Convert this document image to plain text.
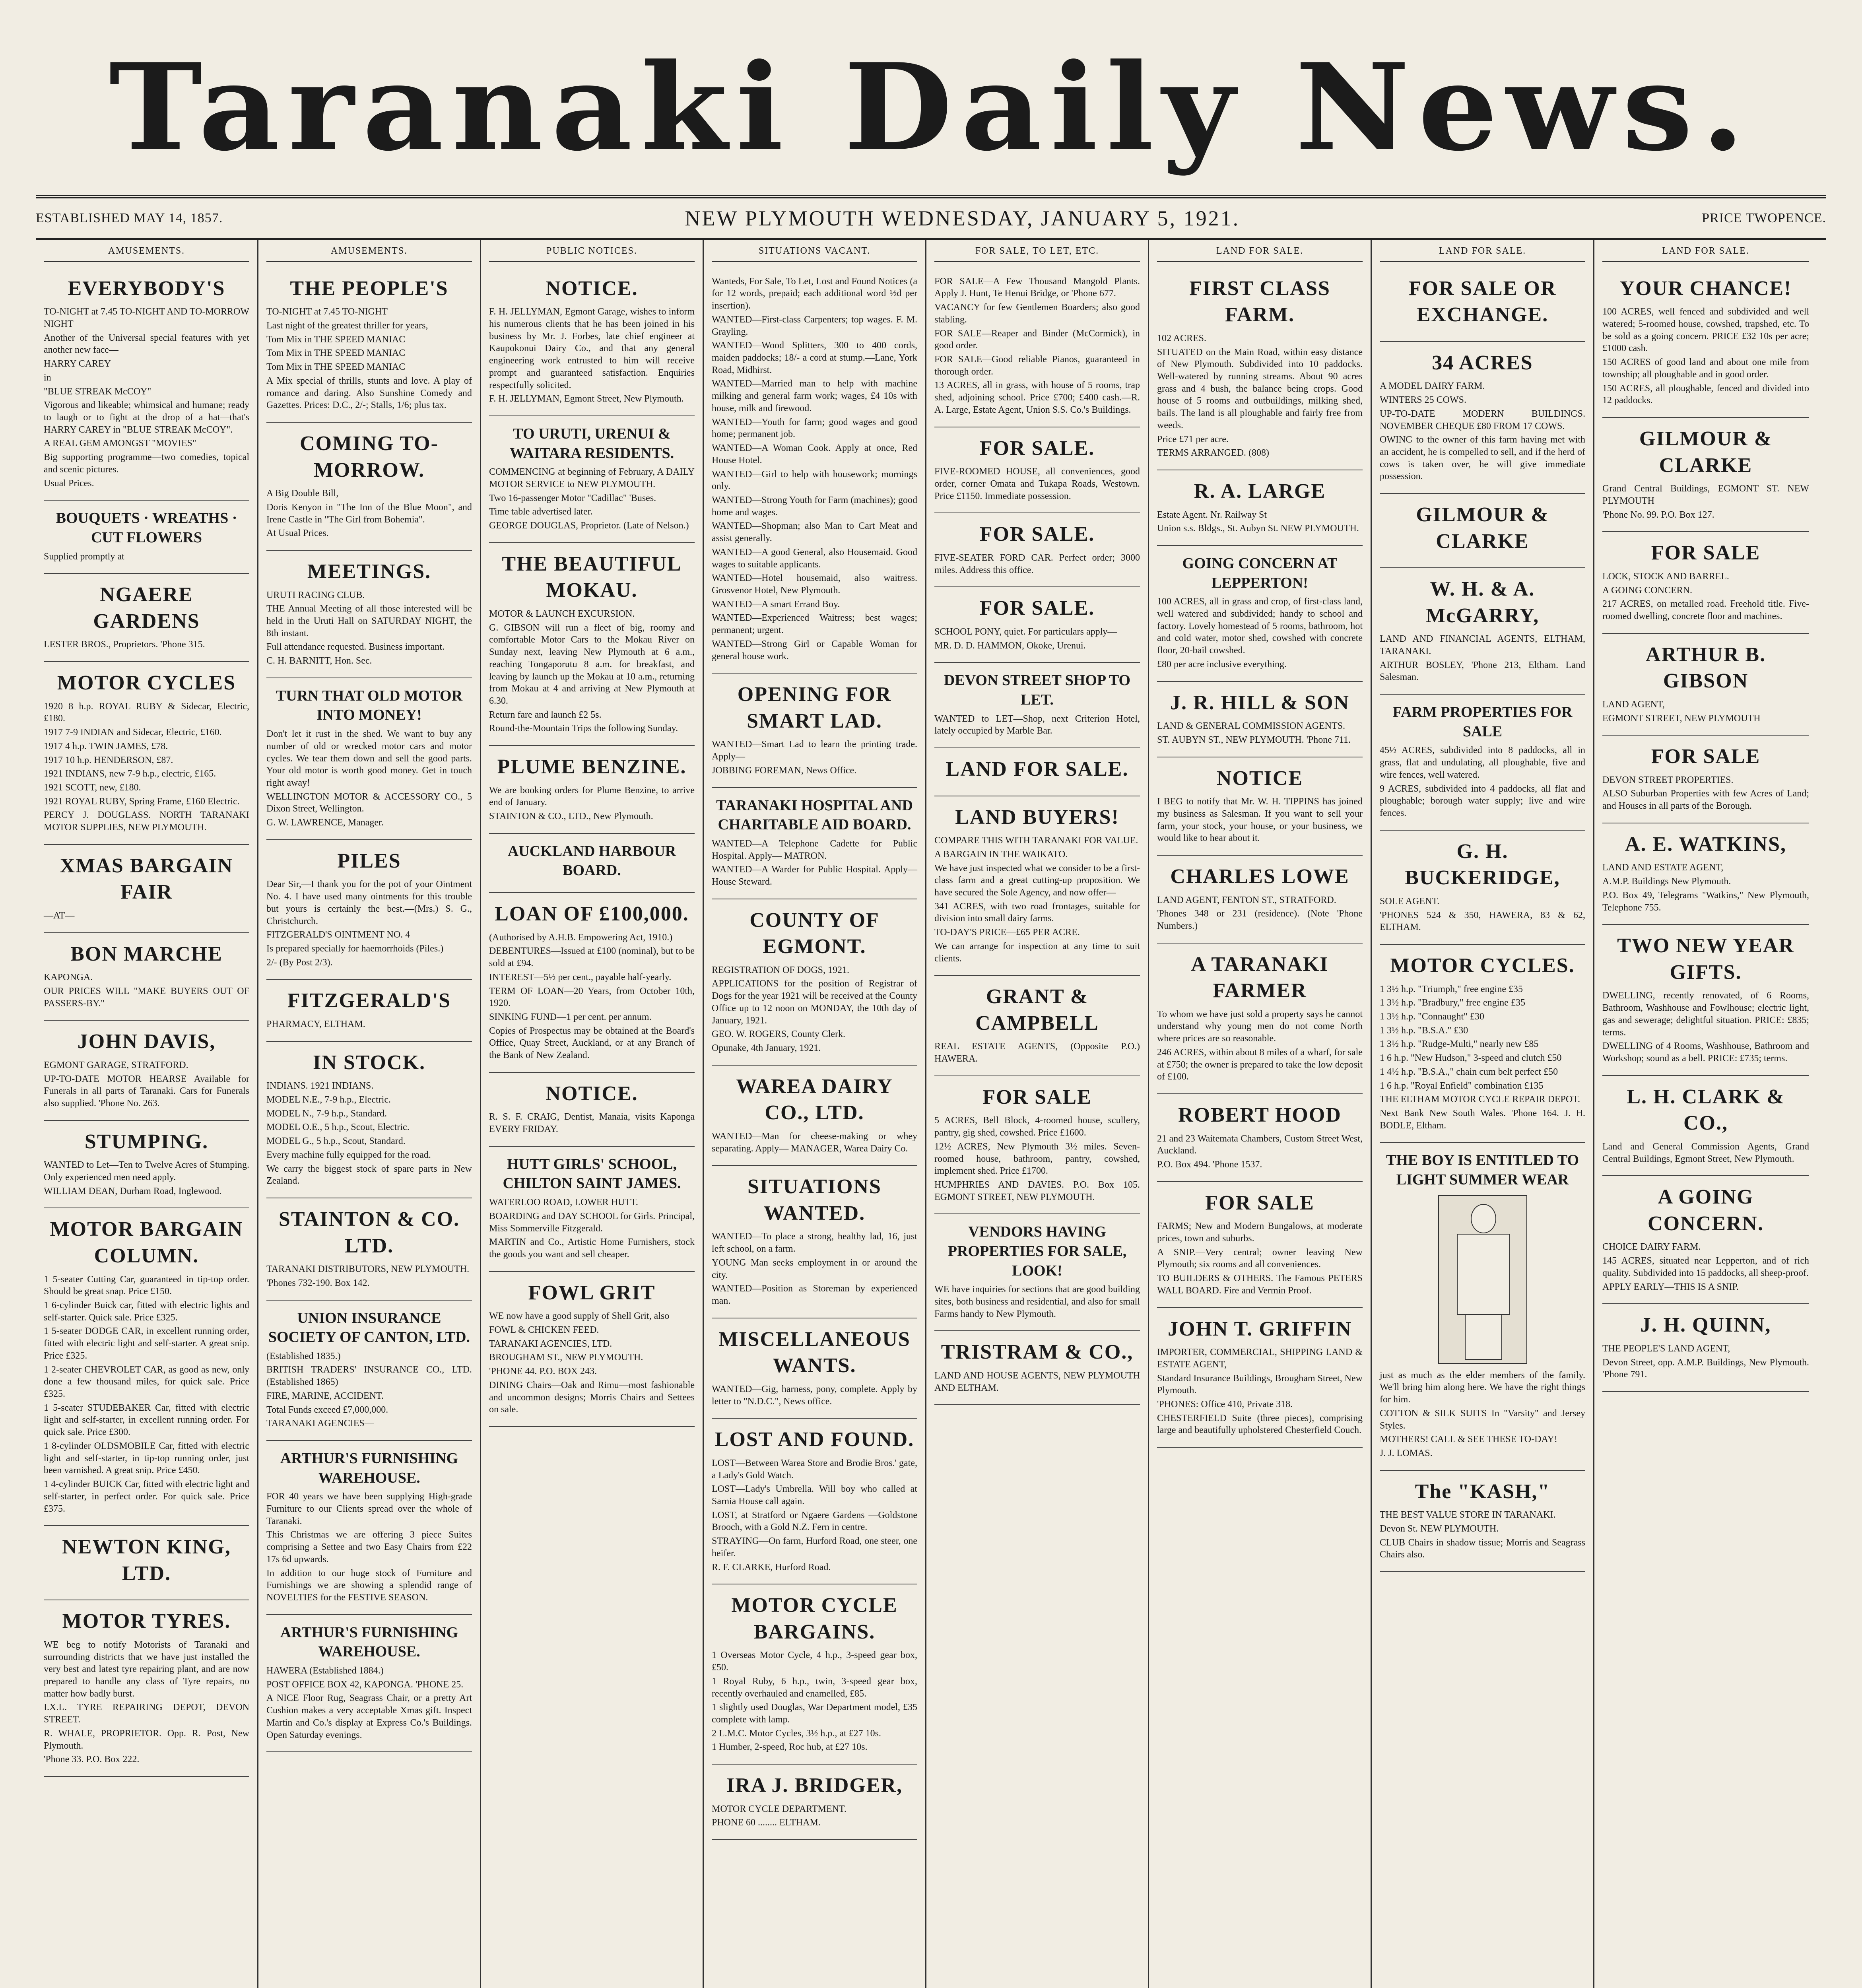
Taranaki Daily News.
ESTABLISHED MAY 14, 1857.	NEW PLYMOUTH WEDNESDAY, JANUARY 5, 1921.	PRICE TWOPENCE.
AMUSEMENTS.
EVERYBODY'S
TO-NIGHT at 7.45 TO-NIGHT AND TO-MORROW NIGHT
Another of the Universal special features with yet another new face—
HARRY CAREY
in
"BLUE STREAK McCOY"
Vigorous and likeable; whimsical and humane; ready to laugh or to fight at the drop of a hat—that's HARRY CAREY in "BLUE STREAK McCOY".
A REAL GEM AMONGST "MOVIES"
Big supporting programme—two comedies, topical and scenic pictures.
Usual Prices.
BOUQUETS · WREATHS · CUT FLOWERS
Supplied promptly at
NGAERE GARDENS
LESTER BROS., Proprietors. 'Phone 315.
MOTOR CYCLES
1920 8 h.p. ROYAL RUBY & Sidecar, Electric, £180.
1917 7-9 INDIAN and Sidecar, Electric, £160.
1917 4 h.p. TWIN JAMES, £78.
1917 10 h.p. HENDERSON, £87.
1921 INDIANS, new 7-9 h.p., electric, £165.
1921 SCOTT, new, £180.
1921 ROYAL RUBY, Spring Frame, £160 Electric.
PERCY J. DOUGLASS. NORTH TARANAKI MOTOR SUPPLIES, NEW PLYMOUTH.
XMAS BARGAIN FAIR
—AT—
BON MARCHE
KAPONGA.
OUR PRICES WILL "MAKE BUYERS OUT OF PASSERS-BY."
JOHN DAVIS,
EGMONT GARAGE, STRATFORD.
UP-TO-DATE MOTOR HEARSE Available for Funerals in all parts of Taranaki. Cars for Funerals also supplied. 'Phone No. 263.
STUMPING.
WANTED to Let—Ten to Twelve Acres of Stumping. Only experienced men need apply.
WILLIAM DEAN, Durham Road, Inglewood.
MOTOR BARGAIN COLUMN.
1 5-seater Cutting Car, guaranteed in tip-top order. Should be great snap. Price £150.
1 6-cylinder Buick car, fitted with electric lights and self-starter. Quick sale. Price £325.
1 5-seater DODGE CAR, in excellent running order, fitted with electric light and self-starter. A great snip. Price £325.
1 2-seater CHEVROLET CAR, as good as new, only done a few thousand miles, for quick sale. Price £325.
1 5-seater STUDEBAKER Car, fitted with electric light and self-starter, in excellent running order. For quick sale. Price £300.
1 8-cylinder OLDSMOBILE Car, fitted with electric light and self-starter, in tip-top running order, just been varnished. A great snip. Price £450.
1 4-cylinder BUICK Car, fitted with electric light and self-starter, in perfect order. For quick sale. Price £375.
NEWTON KING, LTD.
MOTOR TYRES.
WE beg to notify Motorists of Taranaki and surrounding districts that we have just installed the very best and latest tyre repairing plant, and are now prepared to handle any class of Tyre repairs, no matter how badly burst.
I.X.L. TYRE REPAIRING DEPOT, DEVON STREET.
R. WHALE, PROPRIETOR. Opp. R. Post, New Plymouth.
'Phone 33. P.O. Box 222.
AMUSEMENTS.
THE PEOPLE'S
TO-NIGHT at 7.45 TO-NIGHT
Last night of the greatest thriller for years,
Tom Mix in THE SPEED MANIAC
Tom Mix in THE SPEED MANIAC
Tom Mix in THE SPEED MANIAC
A Mix special of thrills, stunts and love. A play of romance and daring. Also Sunshine Comedy and Gazettes. Prices: D.C., 2/-; Stalls, 1/6; plus tax.
COMING TO-MORROW.
A Big Double Bill,
Doris Kenyon in "The Inn of the Blue Moon", and Irene Castle in "The Girl from Bohemia".
At Usual Prices.
MEETINGS.
URUTI RACING CLUB.
THE Annual Meeting of all those interested will be held in the Uruti Hall on SATURDAY NIGHT, the 8th instant.
Full attendance requested. Business important.
C. H. BARNITT, Hon. Sec.
TURN THAT OLD MOTOR INTO MONEY!
Don't let it rust in the shed. We want to buy any number of old or wrecked motor cars and motor cycles. We tear them down and sell the good parts. Your old motor is worth good money. Get in touch right away!
WELLINGTON MOTOR & ACCESSORY CO., 5 Dixon Street, Wellington.
G. W. LAWRENCE, Manager.
PILES
Dear Sir,—I thank you for the pot of your Ointment No. 4. I have used many ointments for this trouble but yours is certainly the best.—(Mrs.) S. G., Christchurch.
FITZGERALD'S OINTMENT NO. 4
Is prepared specially for haemorrhoids (Piles.)
2/- (By Post 2/3).
FITZGERALD'S
PHARMACY, ELTHAM.
IN STOCK.
INDIANS. 1921 INDIANS.
MODEL N.E., 7-9 h.p., Electric.
MODEL N., 7-9 h.p., Standard.
MODEL O.E., 5 h.p., Scout, Electric.
MODEL G., 5 h.p., Scout, Standard.
Every machine fully equipped for the road.
We carry the biggest stock of spare parts in New Zealand.
STAINTON & CO. LTD.
TARANAKI DISTRIBUTORS, NEW PLYMOUTH.
'Phones 732-190. Box 142.
UNION INSURANCE SOCIETY OF CANTON, LTD.
(Established 1835.)
BRITISH TRADERS' INSURANCE CO., LTD. (Established 1865)
FIRE, MARINE, ACCIDENT.
Total Funds exceed £7,000,000.
TARANAKI AGENCIES—
ARTHUR'S FURNISHING WAREHOUSE.
FOR 40 years we have been supplying High-grade Furniture to our Clients spread over the whole of Taranaki.
This Christmas we are offering 3 piece Suites comprising a Settee and two Easy Chairs from £22 17s 6d upwards.
In addition to our huge stock of Furniture and Furnishings we are showing a splendid range of NOVELTIES for the FESTIVE SEASON.
ARTHUR'S FURNISHING WAREHOUSE.
HAWERA (Established 1884.)
POST OFFICE BOX 42, KAPONGA. 'PHONE 25.
A NICE Floor Rug, Seagrass Chair, or a pretty Art Cushion makes a very acceptable Xmas gift. Inspect Martin and Co.'s display at Express Co.'s Buildings. Open Saturday evenings.
PUBLIC NOTICES.
NOTICE.
F. H. JELLYMAN, Egmont Garage, wishes to inform his numerous clients that he has been joined in his business by Mr. J. Forbes, late chief engineer at Kaupokonui Dairy Co., and that any general engineering work entrusted to him will receive prompt and guaranteed satisfaction. Enquiries respectfully solicited.
F. H. JELLYMAN, Egmont Street, New Plymouth.
TO URUTI, URENUI & WAITARA RESIDENTS.
COMMENCING at beginning of February, A DAILY MOTOR SERVICE to NEW PLYMOUTH.
Two 16-passenger Motor "Cadillac" 'Buses.
Time table advertised later.
GEORGE DOUGLAS, Proprietor. (Late of Nelson.)
THE BEAUTIFUL MOKAU.
MOTOR & LAUNCH EXCURSION.
G. GIBSON will run a fleet of big, roomy and comfortable Motor Cars to the Mokau River on Sunday next, leaving New Plymouth at 6 a.m., reaching Tongaporutu 8 a.m. for breakfast, and leaving by launch up the Mokau at 10 a.m., returning from Mokau at 4 and arriving at New Plymouth at 6.30.
Return fare and launch £2 5s.
Round-the-Mountain Trips the following Sunday.
PLUME BENZINE.
We are booking orders for Plume Benzine, to arrive end of January.
STAINTON & CO., LTD., New Plymouth.
AUCKLAND HARBOUR BOARD.
LOAN OF £100,000.
(Authorised by A.H.B. Empowering Act, 1910.)
DEBENTURES—Issued at £100 (nominal), but to be sold at £94.
INTEREST—5½ per cent., payable half-yearly.
TERM OF LOAN—20 Years, from October 10th, 1920.
SINKING FUND—1 per cent. per annum.
Copies of Prospectus may be obtained at the Board's Office, Quay Street, Auckland, or at any Branch of the Bank of New Zealand.
NOTICE.
R. S. F. CRAIG, Dentist, Manaia, visits Kaponga EVERY FRIDAY.
HUTT GIRLS' SCHOOL, CHILTON SAINT JAMES.
WATERLOO ROAD, LOWER HUTT.
BOARDING and DAY SCHOOL for Girls. Principal, Miss Sommerville Fitzgerald.
MARTIN and Co., Artistic Home Furnishers, stock the goods you want and sell cheaper.
FOWL GRIT
WE now have a good supply of Shell Grit, also
FOWL & CHICKEN FEED.
TARANAKI AGENCIES, LTD.
BROUGHAM ST., NEW PLYMOUTH.
'PHONE 44. P.O. BOX 243.
DINING Chairs—Oak and Rimu—most fashionable and uncommon designs; Morris Chairs and Settees on sale.
SITUATIONS VACANT.
Wanteds, For Sale, To Let, Lost and Found Notices (a for 12 words, prepaid; each additional word ½d per insertion).
WANTED—First-class Carpenters; top wages. F. M. Grayling.
WANTED—Wood Splitters, 300 to 400 cords, maiden paddocks; 18/- a cord at stump.—Lane, York Road, Midhirst.
WANTED—Married man to help with machine milking and general farm work; wages, £4 10s with house, milk and firewood.
WANTED—Youth for farm; good wages and good home; permanent job.
WANTED—A Woman Cook. Apply at once, Red House Hotel.
WANTED—Girl to help with housework; mornings only.
WANTED—Strong Youth for Farm (machines); good home and wages.
WANTED—Shopman; also Man to Cart Meat and assist generally.
WANTED—A good General, also Housemaid. Good wages to suitable applicants.
WANTED—Hotel housemaid, also waitress. Grosvenor Hotel, New Plymouth.
WANTED—A smart Errand Boy.
WANTED—Experienced Waitress; best wages; permanent; urgent.
WANTED—Strong Girl or Capable Woman for general house work.
OPENING FOR SMART LAD.
WANTED—Smart Lad to learn the printing trade. Apply—
JOBBING FOREMAN, News Office.
TARANAKI HOSPITAL AND CHARITABLE AID BOARD.
WANTED—A Telephone Cadette for Public Hospital. Apply— MATRON.
WANTED—A Warder for Public Hospital. Apply— House Steward.
COUNTY OF EGMONT.
REGISTRATION OF DOGS, 1921.
APPLICATIONS for the position of Registrar of Dogs for the year 1921 will be received at the County Office up to 12 noon on MONDAY, the 10th day of January, 1921.
GEO. W. ROGERS, County Clerk.
Opunake, 4th January, 1921.
WAREA DAIRY CO., LTD.
WANTED—Man for cheese-making or whey separating. Apply— MANAGER, Warea Dairy Co.
SITUATIONS WANTED.
WANTED—To place a strong, healthy lad, 16, just left school, on a farm.
YOUNG Man seeks employment in or around the city.
WANTED—Position as Storeman by experienced man.
MISCELLANEOUS WANTS.
WANTED—Gig, harness, pony, complete. Apply by letter to "N.D.C.", News office.
LOST AND FOUND.
LOST—Between Warea Store and Brodie Bros.' gate, a Lady's Gold Watch.
LOST—Lady's Umbrella. Will boy who called at Sarnia House call again.
LOST, at Stratford or Ngaere Gardens —Goldstone Brooch, with a Gold N.Z. Fern in centre.
STRAYING—On farm, Hurford Road, one steer, one heifer.
R. F. CLARKE, Hurford Road.
MOTOR CYCLE BARGAINS.
1 Overseas Motor Cycle, 4 h.p., 3-speed gear box, £50.
1 Royal Ruby, 6 h.p., twin, 3-speed gear box, recently overhauled and enamelled, £85.
1 slightly used Douglas, War Department model, £35 complete with lamp.
2 L.M.C. Motor Cycles, 3½ h.p., at £27 10s.
1 Humber, 2-speed, Roc hub, at £27 10s.
IRA J. BRIDGER,
MOTOR CYCLE DEPARTMENT.
PHONE 60 ........ ELTHAM.
FOR SALE, TO LET, ETC.
FOR SALE—A Few Thousand Mangold Plants. Apply J. Hunt, Te Henui Bridge, or 'Phone 677.
VACANCY for few Gentlemen Boarders; also good stabling.
FOR SALE—Reaper and Binder (McCormick), in good order.
FOR SALE—Good reliable Pianos, guaranteed in thorough order.
13 ACRES, all in grass, with house of 5 rooms, trap shed, adjoining school. Price £700; £400 cash.—R. A. Large, Estate Agent, Union S.S. Co.'s Buildings.
FOR SALE.
FIVE-ROOMED HOUSE, all conveniences, good order, corner Omata and Tukapa Roads, Westown. Price £1150. Immediate possession.
FOR SALE.
FIVE-SEATER FORD CAR. Perfect order; 3000 miles. Address this office.
FOR SALE.
SCHOOL PONY, quiet. For particulars apply—
MR. D. D. HAMMON, Okoke, Urenui.
DEVON STREET SHOP TO LET.
WANTED to LET—Shop, next Criterion Hotel, lately occupied by Marble Bar.
LAND FOR SALE.
LAND BUYERS!
COMPARE THIS WITH TARANAKI FOR VALUE.
A BARGAIN IN THE WAIKATO.
We have just inspected what we consider to be a first-class farm and a great cutting-up proposition. We have secured the Sole Agency, and now offer—
341 ACRES, with two road frontages, suitable for division into small dairy farms.
TO-DAY'S PRICE—£65 PER ACRE.
We can arrange for inspection at any time to suit clients.
GRANT & CAMPBELL
REAL ESTATE AGENTS, (Opposite P.O.) HAWERA.
FOR SALE
5 ACRES, Bell Block, 4-roomed house, scullery, pantry, gig shed, cowshed. Price £1600.
12½ ACRES, New Plymouth 3½ miles. Seven-roomed house, bathroom, pantry, cowshed, implement shed. Price £1700.
HUMPHRIES AND DAVIES. P.O. Box 105. EGMONT STREET, NEW PLYMOUTH.
VENDORS HAVING PROPERTIES FOR SALE, LOOK!
WE have inquiries for sections that are good building sites, both business and residential, and also for small Farms handy to New Plymouth.
TRISTRAM & CO.,
LAND AND HOUSE AGENTS, NEW PLYMOUTH AND ELTHAM.
LAND FOR SALE.
FIRST CLASS FARM.
102 ACRES.
SITUATED on the Main Road, within easy distance of New Plymouth. Subdivided into 10 paddocks. Well-watered by running streams. About 90 acres grass and 4 bush, the balance being crops. Good house of 5 rooms and outbuildings, milking shed, bails. The land is all ploughable and fairly free from weeds.
Price £71 per acre.
TERMS ARRANGED. (808)
R. A. LARGE
Estate Agent. Nr. Railway St
Union s.s. Bldgs., St. Aubyn St. NEW PLYMOUTH.
GOING CONCERN AT LEPPERTON!
100 ACRES, all in grass and crop, of first-class land, well watered and subdivided; handy to school and factory. Lovely homestead of 5 rooms, bathroom, hot and cold water, motor shed, cowshed with concrete floor, 20-bail cowshed.
£80 per acre inclusive everything.
J. R. HILL & SON
LAND & GENERAL COMMISSION AGENTS.
ST. AUBYN ST., NEW PLYMOUTH. 'Phone 711.
NOTICE
I BEG to notify that Mr. W. H. TIPPINS has joined my business as Salesman. If you want to sell your farm, your stock, your house, or your business, we would like to hear about it.
CHARLES LOWE
LAND AGENT, FENTON ST., STRATFORD.
'Phones 348 or 231 (residence). (Note 'Phone Numbers.)
A TARANAKI FARMER
To whom we have just sold a property says he cannot understand why young men do not come North where prices are so reasonable.
246 ACRES, within about 8 miles of a wharf, for sale at £750; the owner is prepared to take the low deposit of £100.
ROBERT HOOD
21 and 23 Waitemata Chambers, Custom Street West, Auckland.
P.O. Box 494. 'Phone 1537.
FOR SALE
FARMS; New and Modern Bungalows, at moderate prices, town and suburbs.
A SNIP.—Very central; owner leaving New Plymouth; six rooms and all conveniences.
TO BUILDERS & OTHERS. The Famous PETERS WALL BOARD. Fire and Vermin Proof.
JOHN T. GRIFFIN
IMPORTER, COMMERCIAL, SHIPPING LAND & ESTATE AGENT,
Standard Insurance Buildings, Brougham Street, New Plymouth.
'PHONES: Office 410, Private 318.
CHESTERFIELD Suite (three pieces), comprising large and beautifully upholstered Chesterfield Couch.
LAND FOR SALE.
FOR SALE OR EXCHANGE.
34 ACRES
A MODEL DAIRY FARM.
WINTERS 25 COWS.
UP-TO-DATE MODERN BUILDINGS. NOVEMBER CHEQUE £80 FROM 17 COWS.
OWING to the owner of this farm having met with an accident, he is compelled to sell, and if the herd of cows is taken over, he will give immediate possession.
GILMOUR & CLARKE
W. H. & A. McGARRY,
LAND AND FINANCIAL AGENTS, ELTHAM, TARANAKI.
ARTHUR BOSLEY, 'Phone 213, Eltham. Land Salesman.
FARM PROPERTIES FOR SALE
45½ ACRES, subdivided into 8 paddocks, all in grass, flat and undulating, all ploughable, five and wire fences, well watered.
9 ACRES, subdivided into 4 paddocks, all flat and ploughable; borough water supply; live and wire fences.
G. H. BUCKERIDGE,
SOLE AGENT.
'PHONES 524 & 350, HAWERA, 83 & 62, ELTHAM.
MOTOR CYCLES.
1 3½ h.p. "Triumph," free engine £35
1 3½ h.p. "Bradbury," free engine £35
1 3½ h.p. "Connaught" £30
1 3½ h.p. "B.S.A." £30
1 3½ h.p. "Rudge-Multi," nearly new £85
1 6 h.p. "New Hudson," 3-speed and clutch £50
1 4½ h.p. "B.S.A.," chain cum belt perfect £50
1 6 h.p. "Royal Enfield" combination £135
THE ELTHAM MOTOR CYCLE REPAIR DEPOT.
Next Bank New South Wales. 'Phone 164. J. H. BODLE, Eltham.
THE BOY IS ENTITLED TO LIGHT SUMMER WEAR
just as much as the elder members of the family. We'll bring him along here. We have the right things for him.
COTTON & SILK SUITS In "Varsity" and Jersey Styles.
MOTHERS! CALL & SEE THESE TO-DAY!
J. J. LOMAS.
The "KASH,"
THE BEST VALUE STORE IN TARANAKI.
Devon St. NEW PLYMOUTH.
CLUB Chairs in shadow tissue; Morris and Seagrass Chairs also.
LAND FOR SALE.
YOUR CHANCE!
100 ACRES, well fenced and subdivided and well watered; 5-roomed house, cowshed, trapshed, etc. To be sold as a going concern. PRICE £32 10s per acre; £1000 cash.
150 ACRES of good land and about one mile from township; all ploughable and in good order.
150 ACRES, all ploughable, fenced and divided into 12 paddocks.
GILMOUR & CLARKE
Grand Central Buildings, EGMONT ST. NEW PLYMOUTH
'Phone No. 99. P.O. Box 127.
FOR SALE
LOCK, STOCK AND BARREL.
A GOING CONCERN.
217 ACRES, on metalled road. Freehold title. Five-roomed dwelling, concrete floor and machines.
ARTHUR B. GIBSON
LAND AGENT,
EGMONT STREET, NEW PLYMOUTH
FOR SALE
DEVON STREET PROPERTIES.
ALSO Suburban Properties with few Acres of Land; and Houses in all parts of the Borough.
A. E. WATKINS,
LAND AND ESTATE AGENT,
A.M.P. Buildings New Plymouth.
P.O. Box 49, Telegrams "Watkins," New Plymouth, Telephone 755.
TWO NEW YEAR GIFTS.
DWELLING, recently renovated, of 6 Rooms, Bathroom, Washhouse and Fowlhouse; electric light, gas and sewerage; delightful situation. PRICE: £835; terms.
DWELLING of 4 Rooms, Washhouse, Bathroom and Workshop; sound as a bell. PRICE: £735; terms.
L. H. CLARK & CO.,
Land and General Commission Agents, Grand Central Buildings, Egmont Street, New Plymouth.
A GOING CONCERN.
CHOICE DAIRY FARM.
145 ACRES, situated near Lepperton, and of rich quality. Subdivided into 15 paddocks, all sheep-proof.
APPLY EARLY—THIS IS A SNIP.
J. H. QUINN,
THE PEOPLE'S LAND AGENT,
Devon Street, opp. A.M.P. Buildings, New Plymouth. 'Phone 791.
